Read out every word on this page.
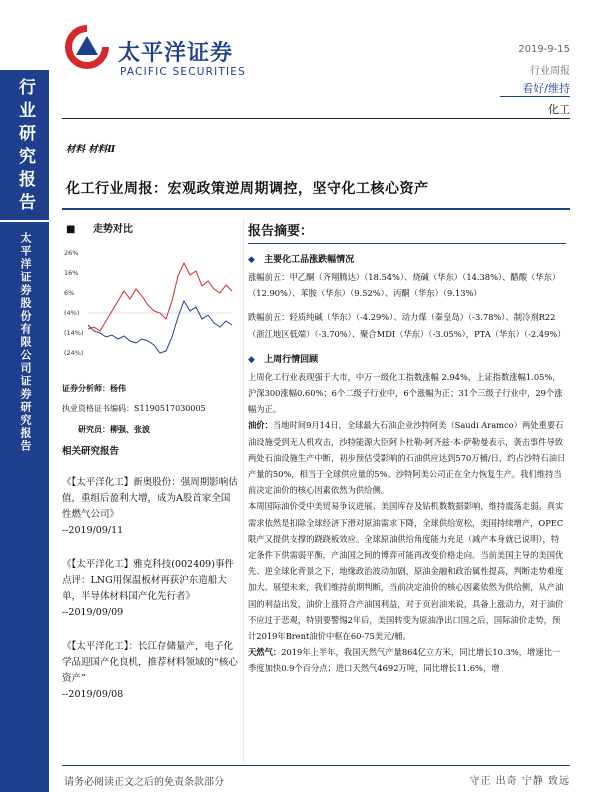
行业研究报告
太平洋证券股份有限公司证券研究报告
太平洋证券
PACIFIC SECURITIES
2019-9-15
行业周报
看好/维持
化工
材料 材料Ⅱ
化工行业周报：宏观政策逆周期调控，坚守化工核心资产
■ 走势对比
26%
16%
6%
(4%)
(14%)
(24%)
证券分析师：杨伟
执业资格证书编码：S1190517030005
研究员：柳强、张波
相关研究报告
《【太平洋化工】新奥股份：强周期影响估值，重组后盈利大增，成为A股首家全国性燃气公司》
--2019/09/11
《【太平洋化工】雅克科技(002409)事件点评：LNG用保温板材再获沪东造船大单，半导体材料国产化先行者》
--2019/09/09
《【太平洋化工】：长江存储量产，电子化学品迎国产化良机，推荐材料领域的“核心资产”
--2019/09/08
报告摘要：
◆ 主要化工品涨跌幅情况
涨幅前五：甲乙酮（齐翔腾达）（18.54%）、烧碱（华东）（14.38%）、醋酸（华东）（12.90%）、苯胺（华东）（9.52%）、丙酮（华东）（9.13%）
跌幅前五：轻质纯碱（华东）（-4.29%）、动力煤（秦皇岛）（-3.78%）、制冷剂R22（浙江地区低端）（-3.70%）、聚合MDI（华东）（-3.05%），PTA（华东）（-2.49%）
◆ 上周行情回顾
上周化工行业表现强于大市，中万一级化工指数涨幅 2.94%，上证指数涨幅1.05%，沪深300涨幅0.60%；6个二级子行业中，6个涨幅为正；31个三级子行业中，29个涨幅为正。
油价：当地时间9月14日，全球最大石油企业沙特阿美（Saudi Aramco）两处重要石油设施受到无人机攻击，沙特能源大臣阿卜杜勒-阿齐兹·本·萨勒曼表示，袭击事件导致两处石油设施生产中断，初步预估受影响的石油供应达到570万桶/日，约占沙特石油日产量的50%，相当于全球供应量的5%。沙特阿美公司正在全力恢复生产。我们维持当前决定油价的核心因素依然为供给侧。
本周国际油价受中美贸易争议进展、美国库存及钻机数数据影响，维持震荡走弱。真实需求依然是扣除全球经济下滑对原油需求下降，全球供给宽松，美国持续增产，OPEC限产又提供支撑的跷跷板效应。全球原油供给角度能力充足（减产本身就已说明），特定条件下供需弱平衡，产油国之间的博弈可能再改变价格走向。当前美国主导的美国优先、逆全球化背景之下，地缘政治波动加剧，原油金融和政治属性提高，判断走势难度加大。展望未来，我们维持前期判断，当前决定油价的核心因素依然为供给侧，从产油国的利益出发，油价上涨符合产油国利益，对于页岩油来说，具备上涨动力，对于油价不应过于悲观，特别要警惕2年后，美国转变为原油净出口国之后，国际油价走势，预计2019年Brent油价中枢在60-75美元/桶。
天然气：2019年上半年，我国天然气产量864亿立方米，同比增长10.3%，增速比一季度加快0.9个百分点；进口天然气4692万吨，同比增长11.6%，增
请务必阅读正文之后的免责条款部分	守正 出奇 宁静 致远
